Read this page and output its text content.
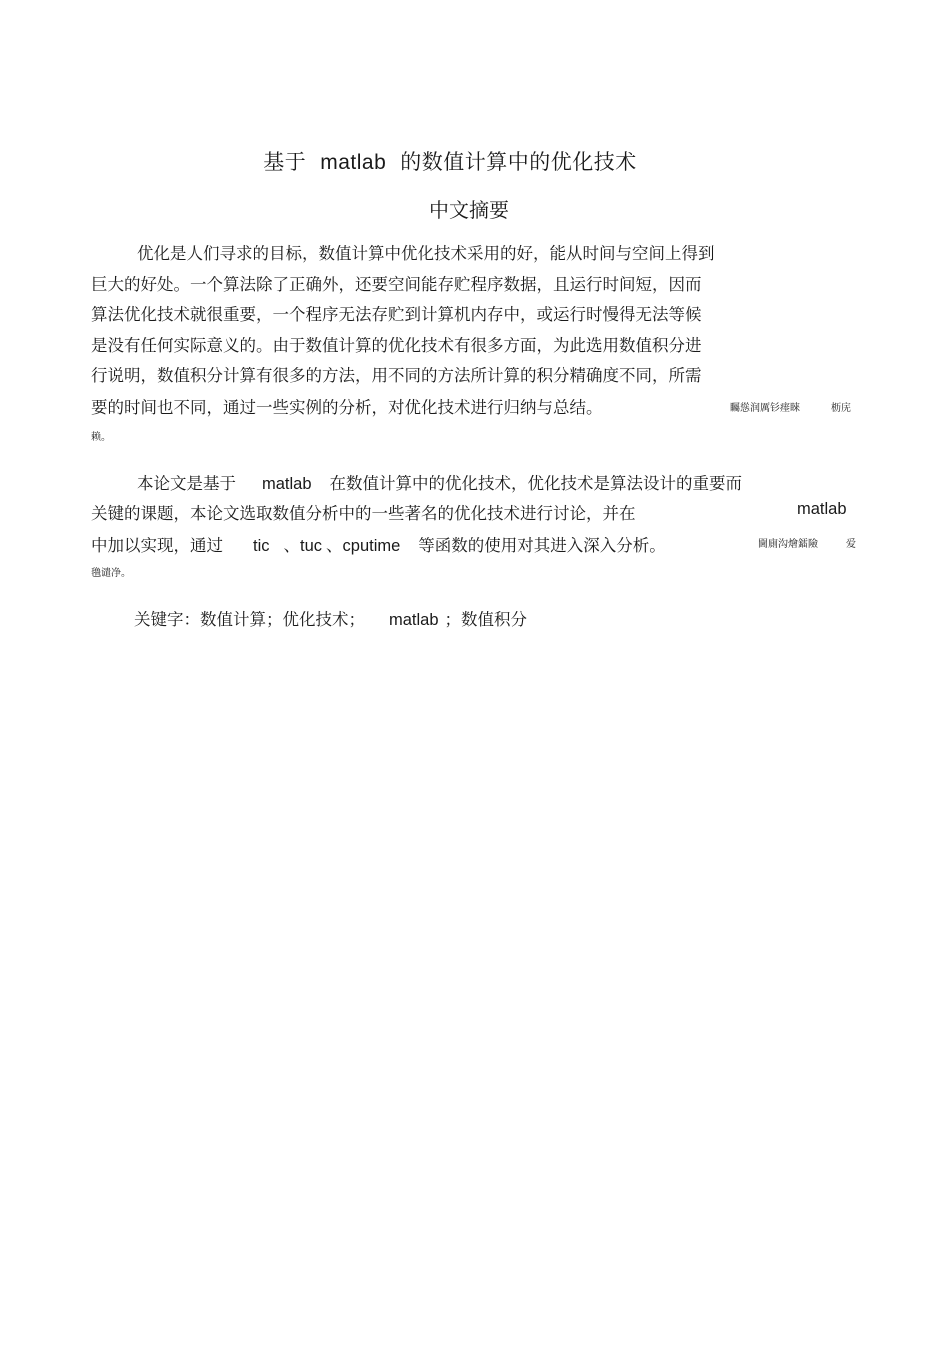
基于 matlab 的数值计算中的优化技术
中文摘要
优化是人们寻求的目标，数值计算中优化技术采用的好，能从时间与空间上得到
巨大的好处。一个算法除了正确外，还要空间能存贮程序数据，且运行时间短，因而
算法优化技术就很重要，一个程序无法存贮到计算机内存中，或运行时慢得无法等候
是没有任何实际意义的。由于数值计算的优化技术有很多方面，为此选用数值积分进
行说明，数值积分计算有很多的方法，用不同的方法所计算的积分精确度不同，所需
要的时间也不同，通过一些实例的分析，对优化技术进行归纳与总结。	矚慫润厲钐瘗睞	枥庑
赖。
本论文是基于 matlab 在数值计算中的优化技术，优化技术是算法设计的重要而
关键的课题，本论文选取数值分析中的一些著名的优化技术进行讨论，并在	matlab
中加以实现，通过 tic 、tuc 、cputime 等函数的使用对其进入深入分析。	閫廁沟燴鐳險	爱
氇谴净。
关键字：数值计算；优化技术； matlab ；数值积分
